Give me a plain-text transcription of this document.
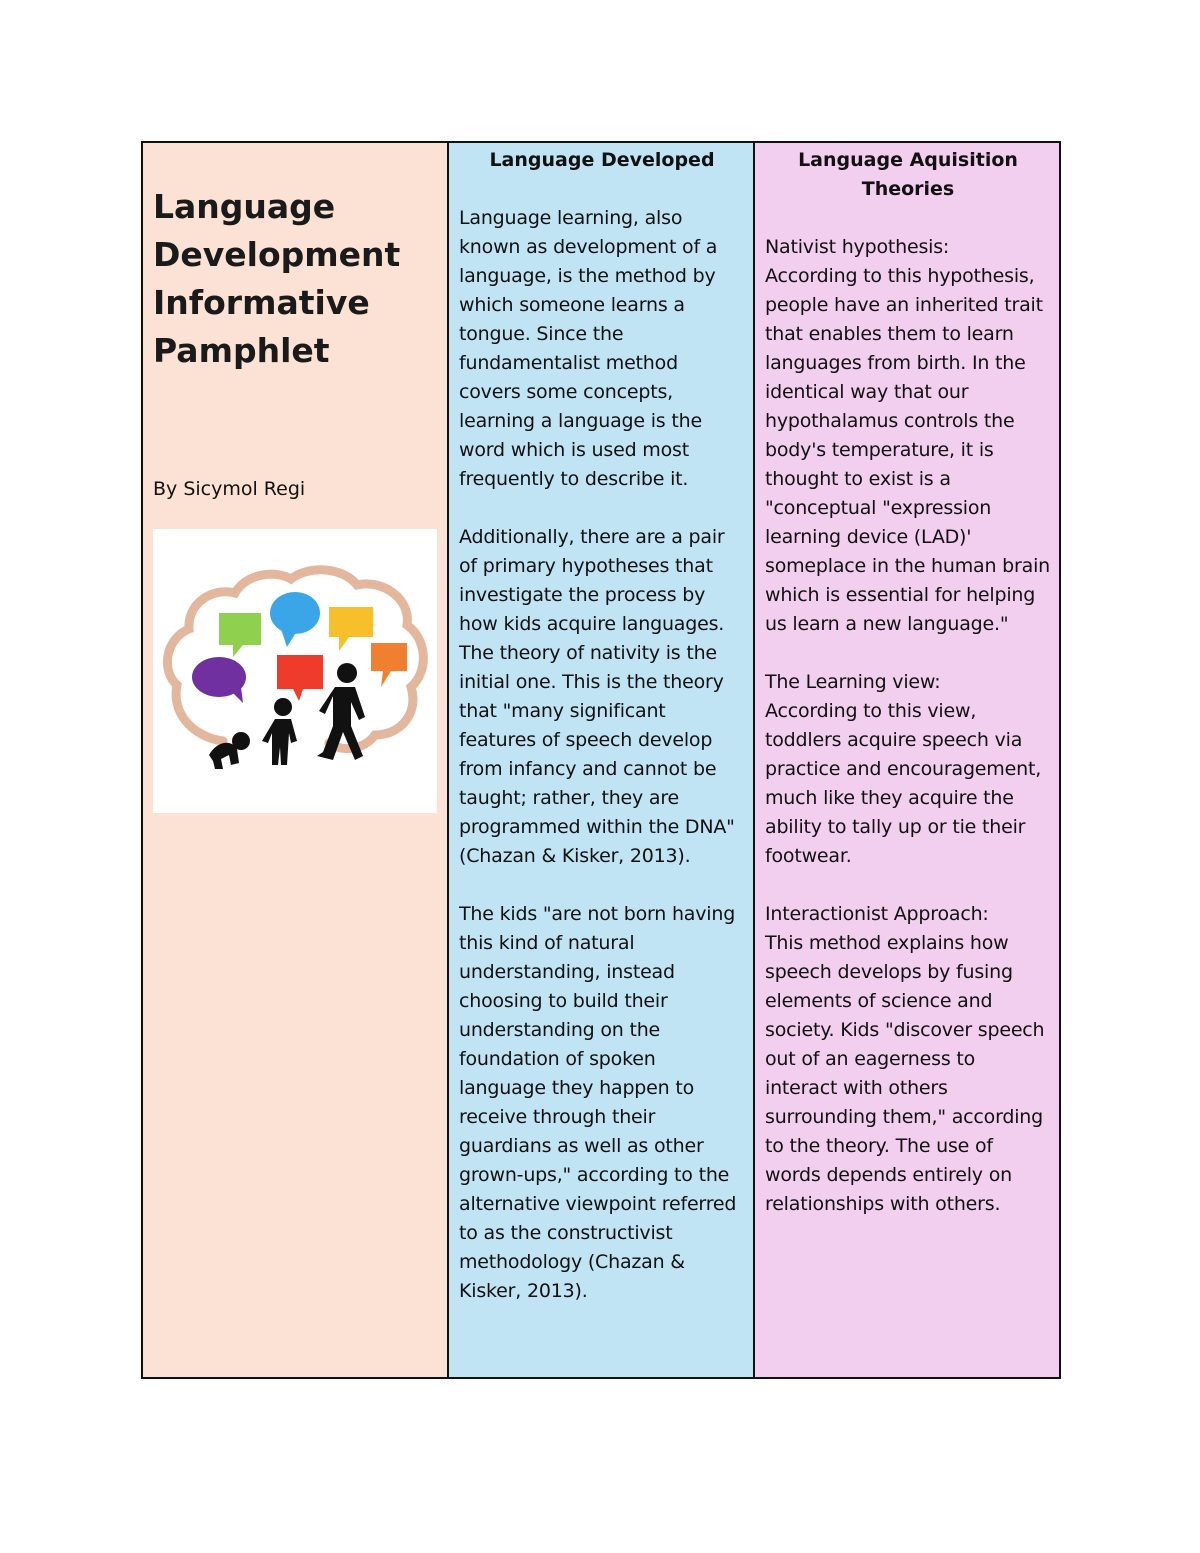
Language
Development
Informative
Pamphlet

By Sicymol Regi

Language Developed

Language learning, also known as development of a language, is the method by which someone learns a tongue. Since the fundamentalist method covers some concepts, learning a language is the word which is used most frequently to describe it.

Additionally, there are a pair of primary hypotheses that investigate the process by how kids acquire languages. The theory of nativity is the initial one. This is the theory that "many significant features of speech develop from infancy and cannot be taught; rather, they are programmed within the DNA" (Chazan & Kisker, 2013).

The kids "are not born having this kind of natural understanding, instead choosing to build their understanding on the foundation of spoken language they happen to receive through their guardians as well as other grown-ups," according to the alternative viewpoint referred to as the constructivist methodology (Chazan & Kisker, 2013).

Language Aquisition Theories

Nativist hypothesis:
According to this hypothesis, people have an inherited trait that enables them to learn languages from birth. In the identical way that our hypothalamus controls the body's temperature, it is thought to exist is a "conceptual "expression learning device (LAD)' someplace in the human brain which is essential for helping us learn a new language."

The Learning view:
According to this view, toddlers acquire speech via practice and encouragement, much like they acquire the ability to tally up or tie their footwear.

Interactionist Approach:
This method explains how speech develops by fusing elements of science and society. Kids "discover speech out of an eagerness to interact with others surrounding them," according to the theory. The use of words depends entirely on relationships with others.
